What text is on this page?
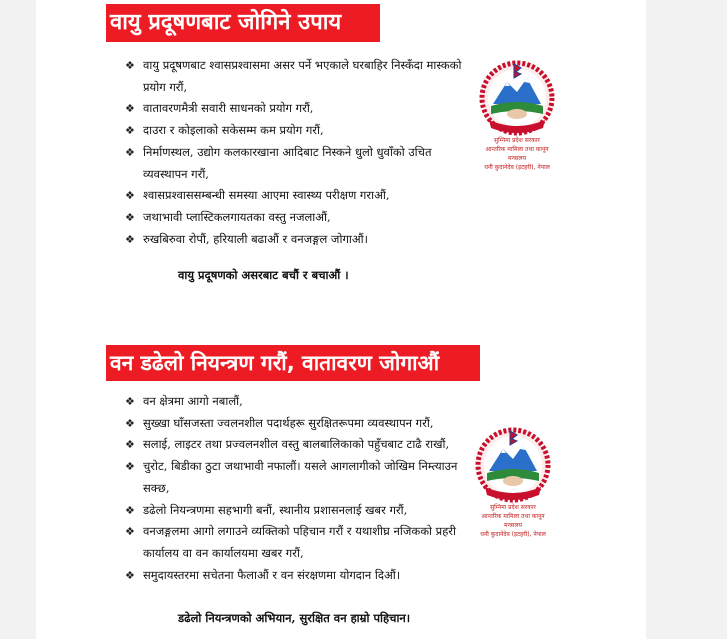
वायु प्रदूषणबाट जोगिने उपाय
❖ वायु प्रदूषणबाट श्वासप्रश्वासमा असर पर्ने भएकाले घरबाहिर निस्कँदा मास्कको प्रयोग गरौं,
❖ वातावरणमैत्री सवारी साधनको प्रयोग गरौं,
❖ दाउरा र कोइलाको सकेसम्म कम प्रयोग गरौं,
❖ निर्माणस्थल, उद्योग कलकारखाना आदिबाट निस्कने धुलो धुवाँको उचित व्यवस्थापन गरौं,
❖ श्वासप्रश्वाससम्बन्धी समस्या आएमा स्वास्थ्य परीक्षण गराऔं,
❖ जथाभावी प्लास्टिकलगायतका वस्तु नजलाऔं,
❖ रुखबिरुवा रोपौं, हरियाली बढाऔं र वनजङ्गल जोगाऔं।
वायु प्रदूषणको असरबाट बचौं र बचाऔं ।
सुम्निमा प्रदेश सरकार
आन्तरिक मामिला तथा कानून
मन्त्रालय
धनी कुदानेदेव (इटहरी), नेपाल
वन डढेलो नियन्त्रण गरौं, वातावरण जोगाऔं
❖ वन क्षेत्रमा आगो नबालौं,
❖ सुख्खा घाँसजस्ता ज्वलनशील पदार्थहरू सुरक्षितरूपमा व्यवस्थापन गरौं,
❖ सलाई, लाइटर तथा प्रज्वलनशील वस्तु बालबालिकाको पहुँचबाट टाढै राखौं,
❖ चुरोट, बिडीका ठुटा जथाभावी नफालौं। यसले आगलागीको जोखिम निम्त्याउन सक्छ,
❖ डढेलो नियन्त्रणमा सहभागी बनौं, स्थानीय प्रशासनलाई खबर गरौं,
❖ वनजङ्गलमा आगो लगाउने व्यक्तिको पहिचान गरौं र यथाशीघ्र नजिकको प्रहरी कार्यालय वा वन कार्यालयमा खबर गरौं,
❖ समुदायस्तरमा सचेतना फैलाऔं र वन संरक्षणमा योगदान दिऔं।
डढेलो नियन्त्रणको अभियान, सुरक्षित वन हाम्रो पहिचान।
सुम्निमा प्रदेश सरकार
आन्तरिक मामिला तथा कानून
मन्त्रालय
धनी कुदानेदेव (इटहरी), नेपाल
